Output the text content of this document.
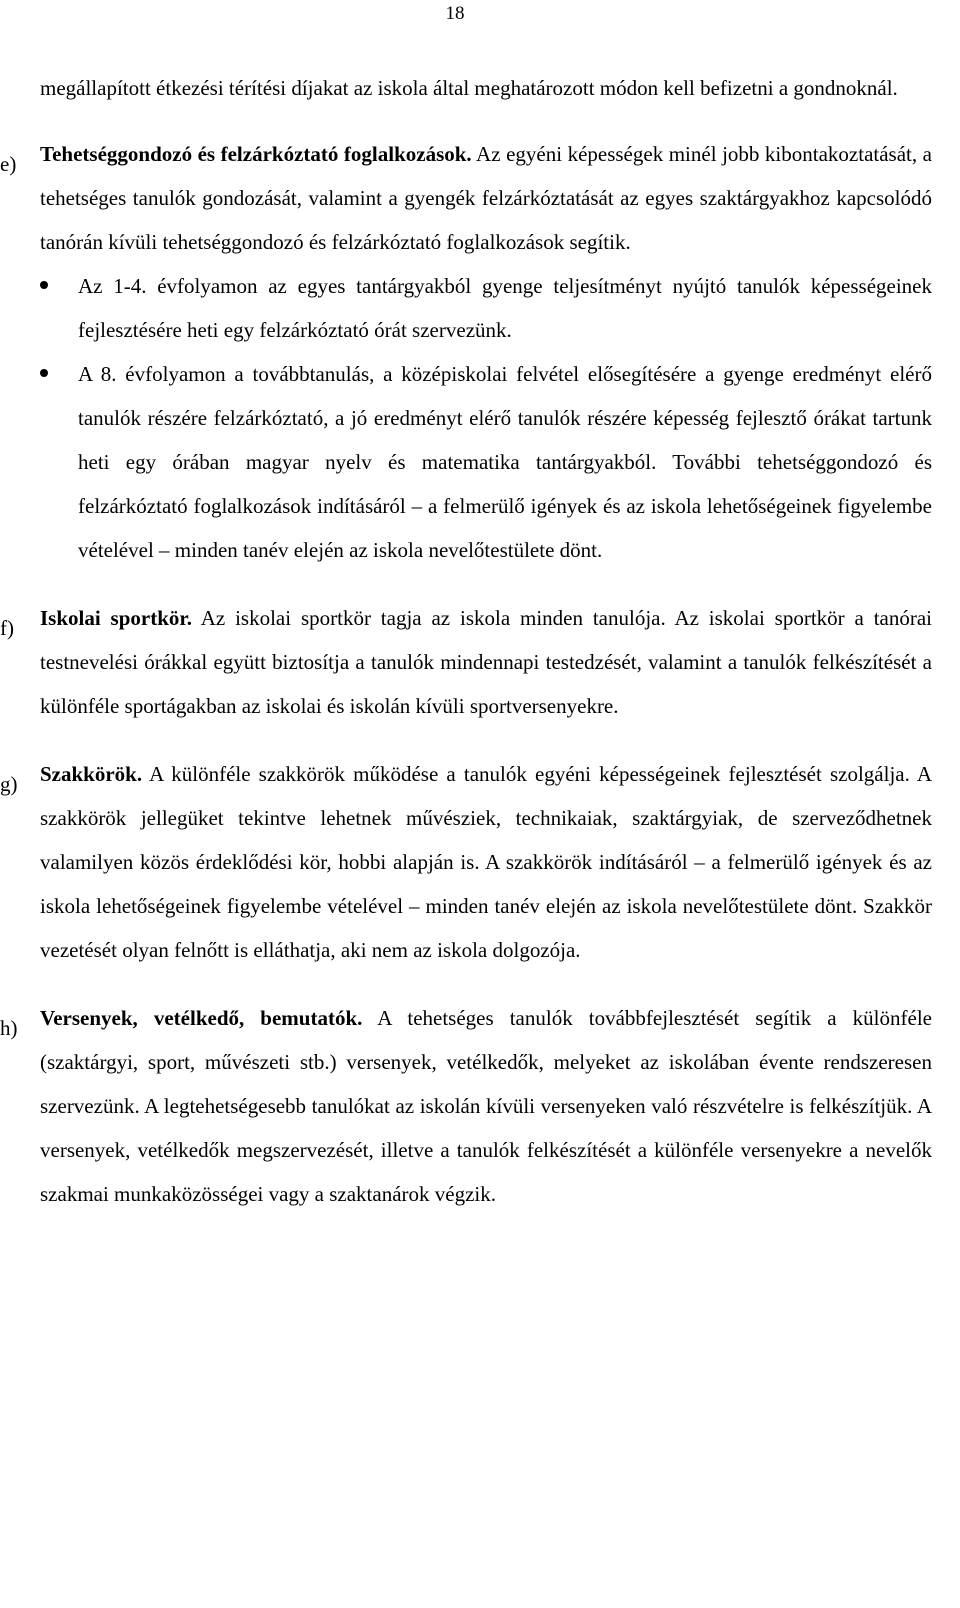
18

megállapított étkezési térítési díjakat az iskola által meghatározott módon kell befizetni a gondnoknál.

e) Tehetséggondozó és felzárkóztató foglalkozások. Az egyéni képességek minél jobb kibontakoztatását, a tehetséges tanulók gondozását, valamint a gyengék felzárkóztatását az egyes szaktárgyakhoz kapcsolódó tanórán kívüli tehetséggondozó és felzárkóztató foglalkozások segítik.

Az 1-4. évfolyamon az egyes tantárgyakból gyenge teljesítményt nyújtó tanulók képességeinek fejlesztésére heti egy felzárkóztató órát szervezünk.
A 8. évfolyamon a továbbtanulás, a középiskolai felvétel elősegítésére a gyenge eredményt elérő tanulók részére felzárkóztató, a jó eredményt elérő tanulók részére képesség fejlesztő órákat tartunk heti egy órában magyar nyelv és matematika tantárgyakból. További tehetséggondozó és felzárkóztató foglalkozások indításáról – a felmerülő igények és az iskola lehetőségeinek figyelembe vételével – minden tanév elején az iskola nevelőtestülete dönt.

f) Iskolai sportkör. Az iskolai sportkör tagja az iskola minden tanulója. Az iskolai sportkör a tanórai testnevelési órákkal együtt biztosítja a tanulók mindennapi testedzését, valamint a tanulók felkészítését a különféle sportágakban az iskolai és iskolán kívüli sportversenyekre.

g) Szakkörök. A különféle szakkörök működése a tanulók egyéni képességeinek fejlesztését szolgálja. A szakkörök jellegüket tekintve lehetnek művésziek, technikaiak, szaktárgyiak, de szerveződhetnek valamilyen közös érdeklődési kör, hobbi alapján is. A szakkörök indításáról – a felmerülő igények és az iskola lehetőségeinek figyelembe vételével – minden tanév elején az iskola nevelőtestülete dönt. Szakkör vezetését olyan felnőtt is elláthatja, aki nem az iskola dolgozója.

h) Versenyek, vetélkedő, bemutatók. A tehetséges tanulók továbbfejlesztését segítik a különféle (szaktárgyi, sport, művészeti stb.) versenyek, vetélkedők, melyeket az iskolában évente rendszeresen szervezünk. A legtehetségesebb tanulókat az iskolán kívüli versenyeken való részvételre is felkészítjük. A versenyek, vetélkedők megszervezését, illetve a tanulók felkészítését a különféle versenyekre a nevelők szakmai munkaközösségei vagy a szaktanárok végzik.
